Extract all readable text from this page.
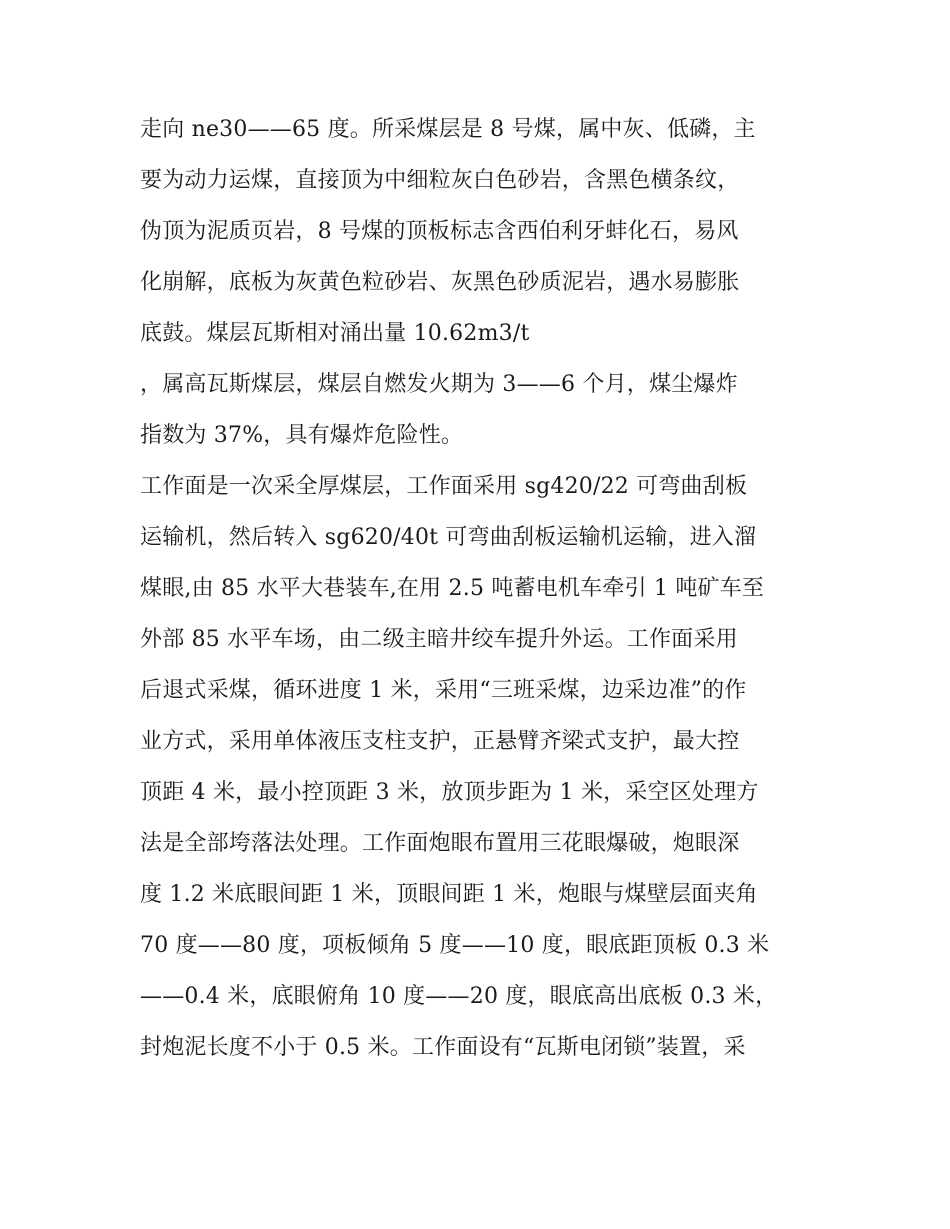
走向 ne30——65 度。所采煤层是 8 号煤，属中灰、低磷，主
要为动力运煤，直接顶为中细粒灰白色砂岩，含黑色横条纹，
伪顶为泥质页岩，8 号煤的顶板标志含西伯利牙蚌化石，易风
化崩解，底板为灰黄色粒砂岩、灰黑色砂质泥岩，遇水易膨胀
底鼓。煤层瓦斯相对涌出量 10.62m3/t
，属高瓦斯煤层，煤层自燃发火期为 3——6 个月，煤尘爆炸
指数为 37%，具有爆炸危险性。
工作面是一次采全厚煤层，工作面采用 sg420/22 可弯曲刮板
运输机，然后转入 sg620/40t 可弯曲刮板运输机运输，进入溜
煤眼,由 85 水平大巷装车,在用 2.5 吨蓄电机车牵引 1 吨矿车至
外部 85 水平车场，由二级主暗井绞车提升外运。工作面采用
后退式采煤，循环进度 1 米，采用“三班采煤，边采边准”的作
业方式，采用单体液压支柱支护，正悬臂齐梁式支护，最大控
顶距 4 米，最小控顶距 3 米，放顶步距为 1 米，采空区处理方
法是全部垮落法处理。工作面炮眼布置用三花眼爆破，炮眼深
度 1.2 米底眼间距 1 米，顶眼间距 1 米，炮眼与煤壁层面夹角
70 度——80 度，项板倾角 5 度——10 度，眼底距顶板 0.3 米
——0.4 米，底眼俯角 10 度——20 度，眼底高出底板 0.3 米，
封炮泥长度不小于 0.5 米。工作面设有“瓦斯电闭锁”装置，采
